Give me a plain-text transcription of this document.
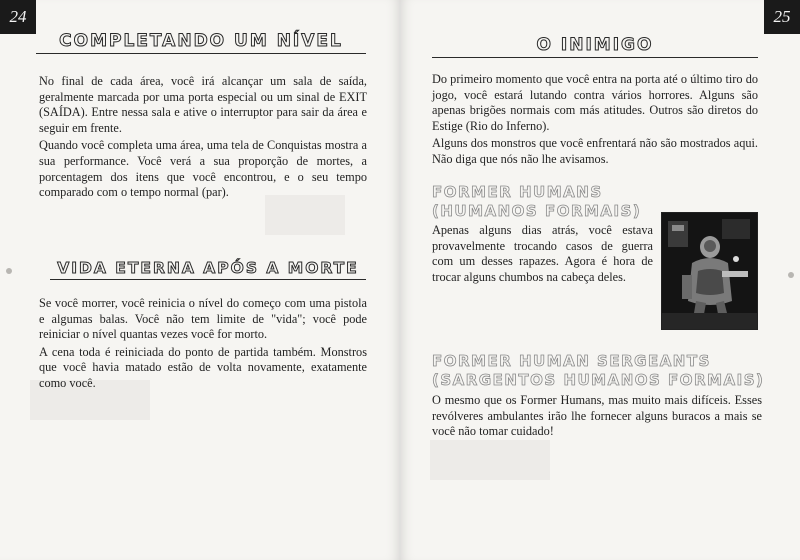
24
COMPLETANDO UM NÍVEL

No final de cada área, você irá alcançar um sala de saída, geralmente marcada por uma porta especial ou um sinal de EXIT (SAÍDA). Entre nessa sala e ative o interruptor para sair da área e seguir em frente.

Quando você completa uma área, uma tela de Conquistas mostra a sua performance. Você verá a sua proporção de mortes, a porcentagem dos itens que você encontrou, e o seu tempo comparado com o tempo normal (par).

VIDA ETERNA APÓS A MORTE

Se você morrer, você reinicia o nível do começo com uma pistola e algumas balas. Você não tem limite de "vida"; você pode reiniciar o nível quantas vezes você for morto.

A cena toda é reiniciada do ponto de partida também. Monstros que você havia matado estão de volta novamente, exatamente como você.

25
O INIMIGO

Do primeiro momento que você entra na porta até o último tiro do jogo, você estará lutando contra vários horrores. Alguns são apenas brigões normais com más atitudes. Outros são diretos do Estige (Rio do Inferno).

Alguns dos monstros que você enfrentará não são mostrados aqui. Não diga que nós não lhe avisamos.

FORMER HUMANS
(HUMANOS FORMAIS)

Apenas alguns dias atrás, você estava provavelmente trocando casos de guerra com um desses rapazes. Agora é hora de trocar alguns chumbos na cabeça deles.

FORMER HUMAN SERGEANTS
(SARGENTOS HUMANOS FORMAIS)

O mesmo que os Former Humans, mas muito mais difíceis. Esses revólveres ambulantes irão lhe fornecer alguns buracos a mais se você não tomar cuidado!
